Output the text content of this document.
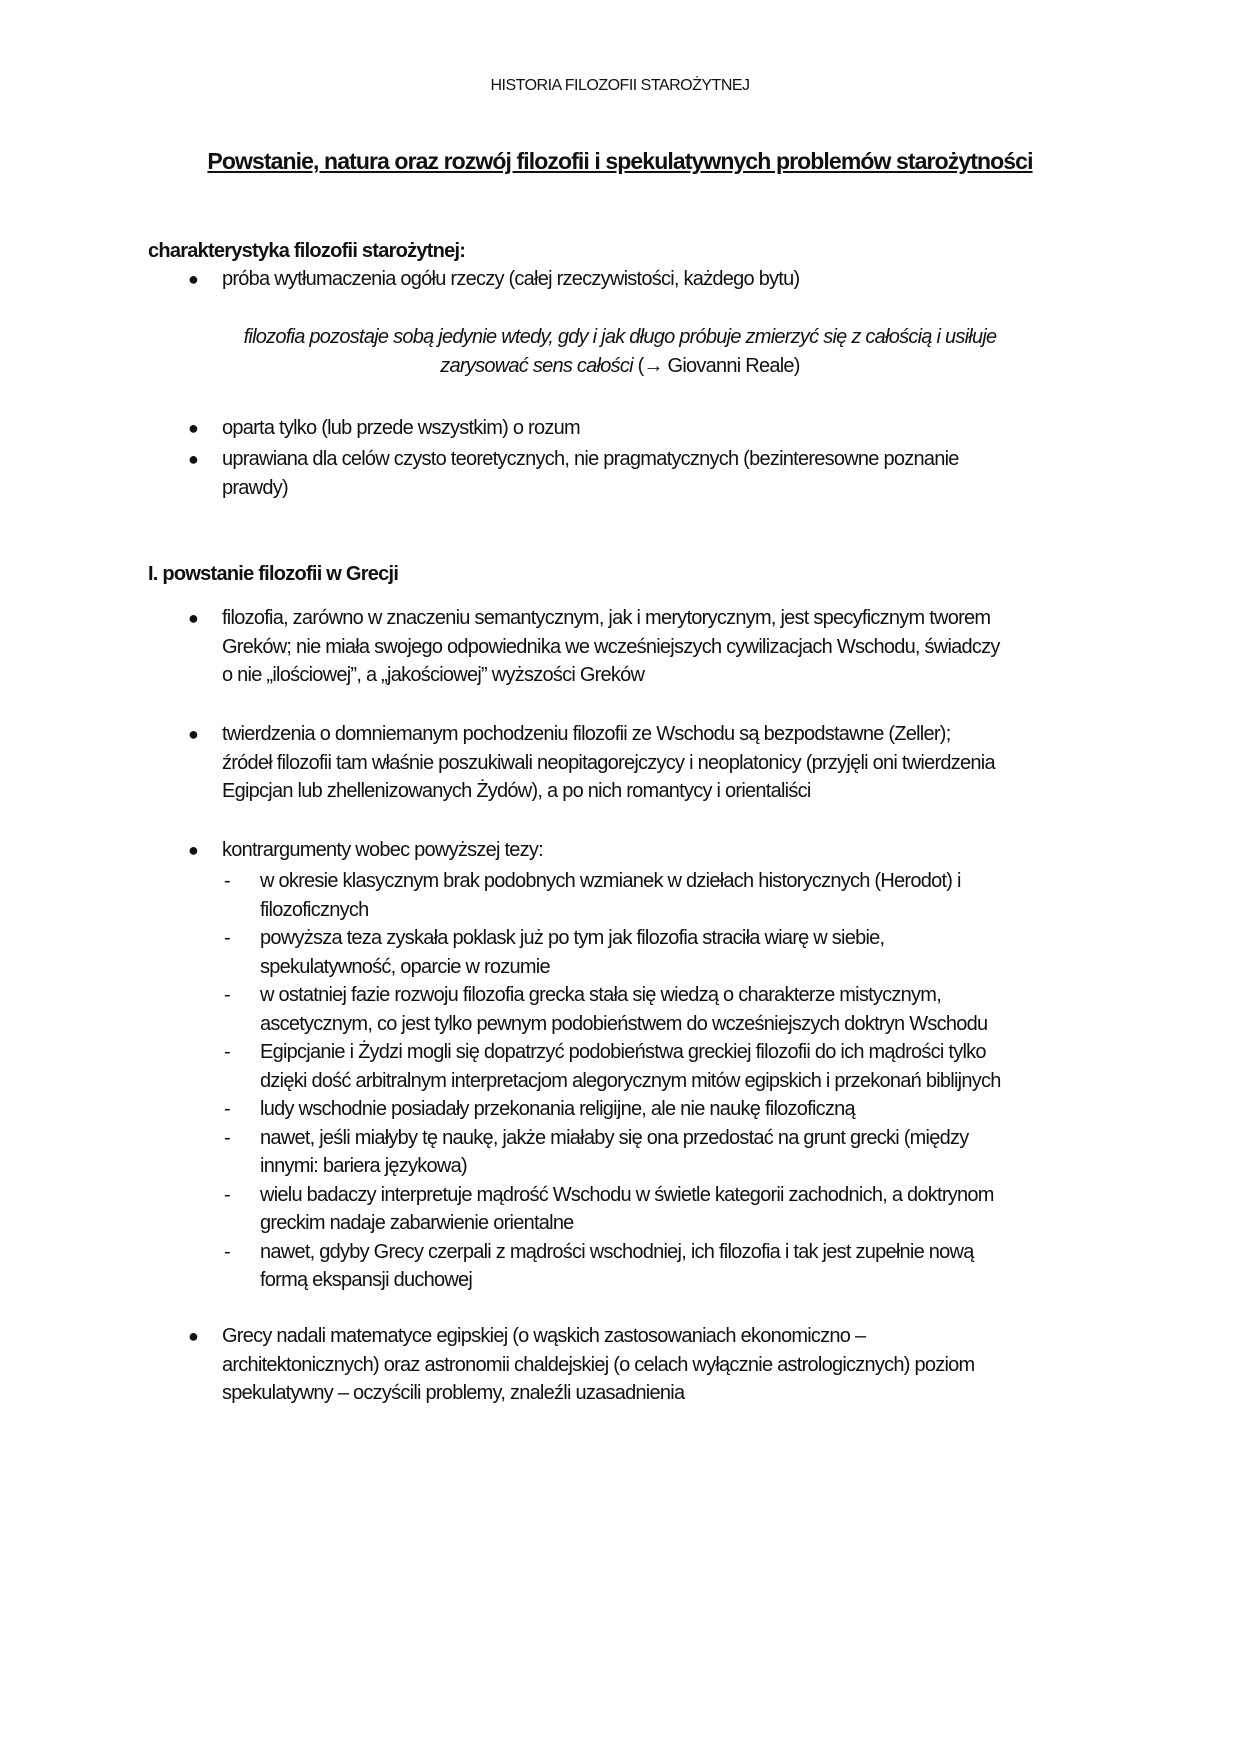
HISTORIA FILOZOFII STAROŻYTNEJ
Powstanie, natura oraz rozwój filozofii i spekulatywnych problemów starożytności
charakterystyka filozofii starożytnej:
● próba wytłumaczenia ogółu rzeczy (całej rzeczywistości, każdego bytu)
filozofia pozostaje sobą jedynie wtedy, gdy i jak długo próbuje zmierzyć się z całością i usiłuje
zarysować sens całości (→ Giovanni Reale)
● oparta tylko (lub przede wszystkim) o rozum
● uprawiana dla celów czysto teoretycznych, nie pragmatycznych (bezinteresowne poznanie
prawdy)
I. powstanie filozofii w Grecji
● filozofia, zarówno w znaczeniu semantycznym, jak i merytorycznym, jest specyficznym tworem
Greków; nie miała swojego odpowiednika we wcześniejszych cywilizacjach Wschodu, świadczy
o nie „ilościowej”, a „jakościowej” wyższości Greków
● twierdzenia o domniemanym pochodzeniu filozofii ze Wschodu są bezpodstawne (Zeller);
źródeł filozofii tam właśnie poszukiwali neopitagorejczycy i neoplatonicy (przyjęli oni twierdzenia
Egipcjan lub zhellenizowanych Żydów), a po nich romantycy i orientaliści
● kontrargumenty wobec powyższej tezy:
- w okresie klasycznym brak podobnych wzmianek w dziełach historycznych (Herodot) i
filozoficznych
- powyższa teza zyskała poklask już po tym jak filozofia straciła wiarę w siebie,
spekulatywność, oparcie w rozumie
- w ostatniej fazie rozwoju filozofia grecka stała się wiedzą o charakterze mistycznym,
ascetycznym, co jest tylko pewnym podobieństwem do wcześniejszych doktryn Wschodu
- Egipcjanie i Żydzi mogli się dopatrzyć podobieństwa greckiej filozofii do ich mądrości tylko
dzięki dość arbitralnym interpretacjom alegorycznym mitów egipskich i przekonań biblijnych
- ludy wschodnie posiadały przekonania religijne, ale nie naukę filozoficzną
- nawet, jeśli miałyby tę naukę, jakże miałaby się ona przedostać na grunt grecki (między
innymi: bariera językowa)
- wielu badaczy interpretuje mądrość Wschodu w świetle kategorii zachodnich, a doktrynom
greckim nadaje zabarwienie orientalne
- nawet, gdyby Grecy czerpali z mądrości wschodniej, ich filozofia i tak jest zupełnie nową
formą ekspansji duchowej
● Grecy nadali matematyce egipskiej (o wąskich zastosowaniach ekonomiczno –
architektonicznych) oraz astronomii chaldejskiej (o celach wyłącznie astrologicznych) poziom
spekulatywny – oczyścili problemy, znaleźli uzasadnienia
